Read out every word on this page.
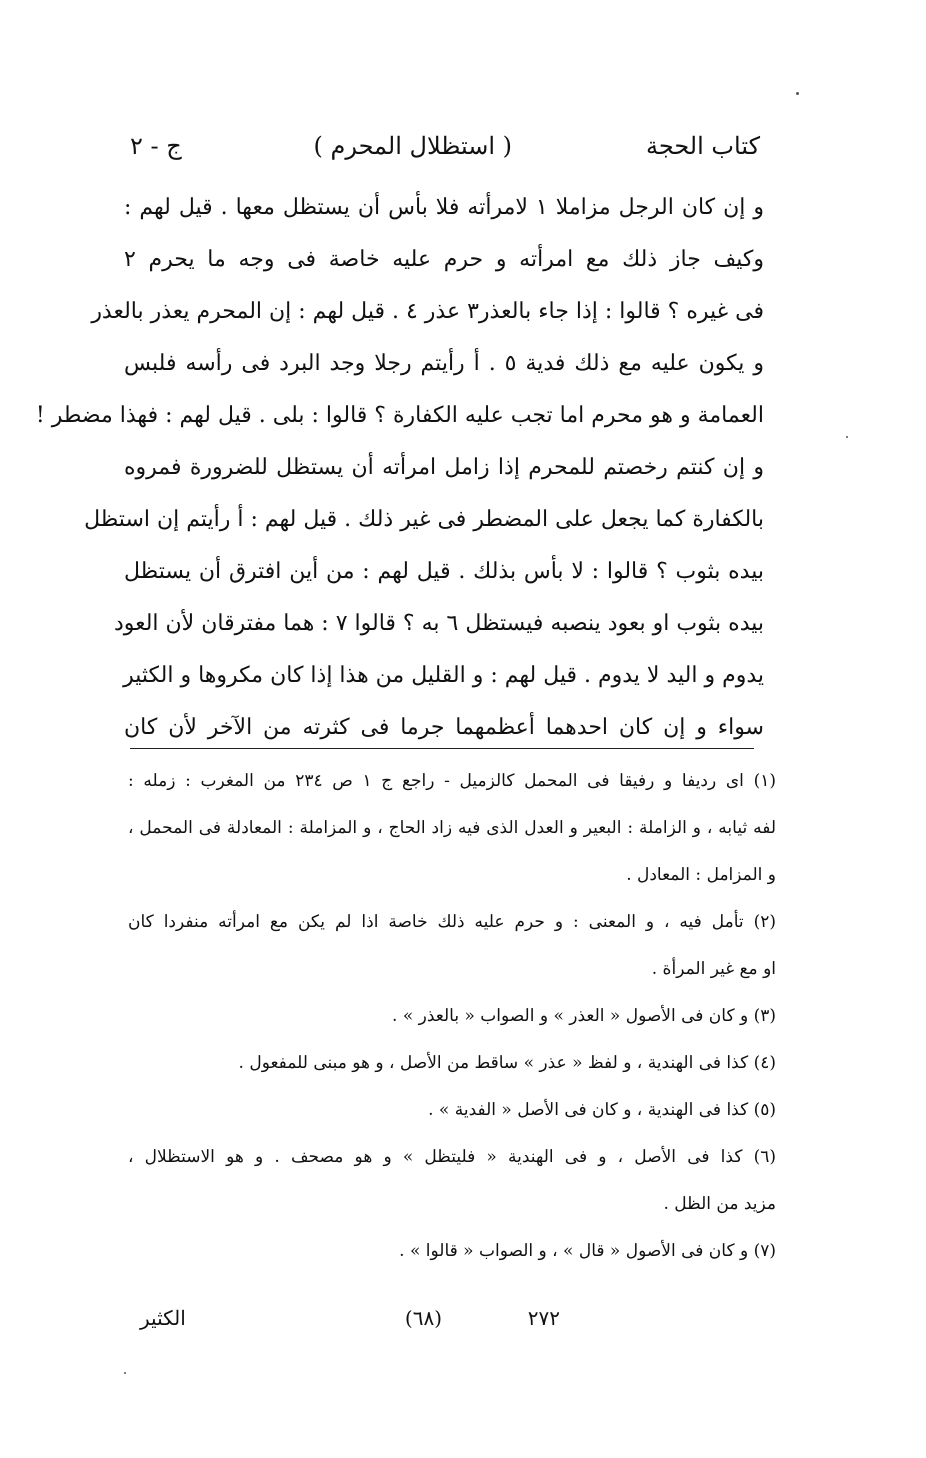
كتاب الحجة
( استظلال المحرم )
ج - ٢
و إن كان الرجل مزاملا ١ لامرأته فلا بأس أن يستظل معها . قيل لهم :
وكيف جاز ذلك مع امرأته و حرم عليه خاصة فى وجه ما يحرم ٢
فى غيره ؟ قالوا : إذا جاء بالعذر٣ عذر ٤ . قيل لهم : إن المحرم يعذر بالعذر
و يكون عليه مع ذلك فدية ٥ . أ رأيتم رجلا وجد البرد فى رأسه فلبس
العمامة و هو محرم اما تجب عليه الكفارة ؟ قالوا : بلى . قيل لهم : فهذا مضطر !
و إن كنتم رخصتم للمحرم إذا زامل امرأته أن يستظل للضرورة فمروه
بالكفارة كما يجعل على المضطر فى غير ذلك . قيل لهم : أ رأيتم إن استظل
بيده بثوب ؟ قالوا : لا بأس بذلك . قيل لهم : من أين افترق أن يستظل
بيده بثوب او بعود ينصبه فيستظل ٦ به ؟ قالوا ٧ : هما مفترقان لأن العود
يدوم و اليد لا يدوم . قيل لهم : و القليل من هذا إذا كان مكروها و الكثير
سواء و إن كان احدهما أعظمهما جرما فى كثرته من الآخر لأن كان
(١) اى رديفا و رفيقا فى المحمل كالزميل - راجع ج ١ ص ٢٣٤ من المغرب : زمله :
لفه ثيابه ، و الزاملة : البعير و العدل الذى فيه زاد الحاج ، و المزاملة : المعادلة فى المحمل ،
و المزامل : المعادل .
(٢) تأمل فيه ، و المعنى : و حرم عليه ذلك خاصة اذا لم يكن مع امرأته منفردا كان
او مع غير المرأة .
(٣) و كان فى الأصول « العذر » و الصواب « بالعذر » .
(٤) كذا فى الهندية ، و لفظ « عذر » ساقط من الأصل ، و هو مبنى للمفعول .
(٥) كذا فى الهندية ، و كان فى الأصل « الفدية » .
(٦) كذا فى الأصل ، و فى الهندية « فليتظل » و هو مصحف . و هو الاستظلال ،
مزيد من الظل .
(٧) و كان فى الأصول « قال » ، و الصواب « قالوا » .
٢٧٢
(٦٨)
الكثير
